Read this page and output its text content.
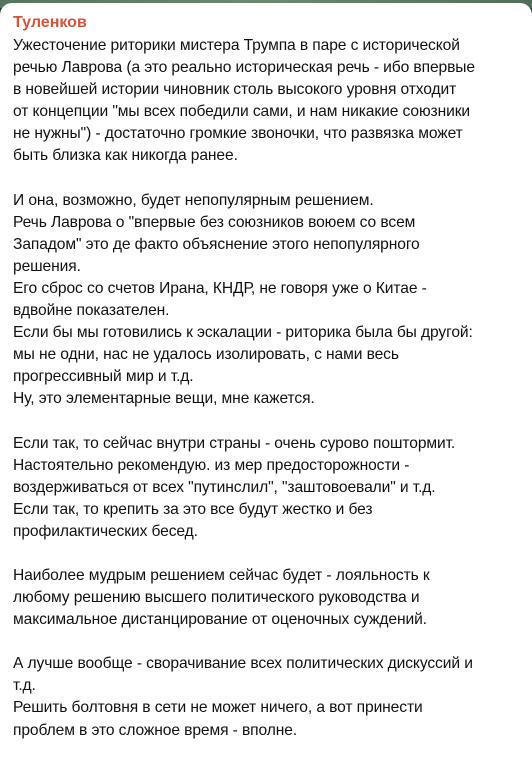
Туленков

Ужесточение риторики мистера Трумпа в паре с исторической
речью Лаврова (а это реально историческая речь - ибо впервые
в новейшей истории чиновник столь высокого уровня отходит
от концепции "мы всех победили сами, и нам никакие союзники
не нужны") - достаточно громкие звоночки, что развязка может
быть близка как никогда ранее.

И она, возможно, будет непопулярным решением.
Речь Лаврова о "впервые без союзников воюем со всем
Западом" это де факто объяснение этого непопулярного
решения.
Его сброс со счетов Ирана, КНДР, не говоря уже о Китае -
вдвойне показателен.
Если бы мы готовились к эскалации - риторика была бы другой:
мы не одни, нас не удалось изолировать, с нами весь
прогрессивный мир и т.д.
Ну, это элементарные вещи, мне кажется.

Если так, то сейчас внутри страны - очень сурово поштормит.
Настоятельно рекомендую. из мер предосторожности -
воздерживаться от всех "путинслил", "заштовоевали" и т.д.
Если так, то крепить за это все будут жестко и без
профилактических бесед.

Наиболее мудрым решением сейчас будет - лояльность к
любому решению высшего политического руководства и
максимальное дистанцирование от оценочных суждений.

А лучше вообще - сворачивание всех политических дискуссий и
т.д.
Решить болтовня в сети не может ничего, а вот принести
проблем в это сложное время - вполне.
